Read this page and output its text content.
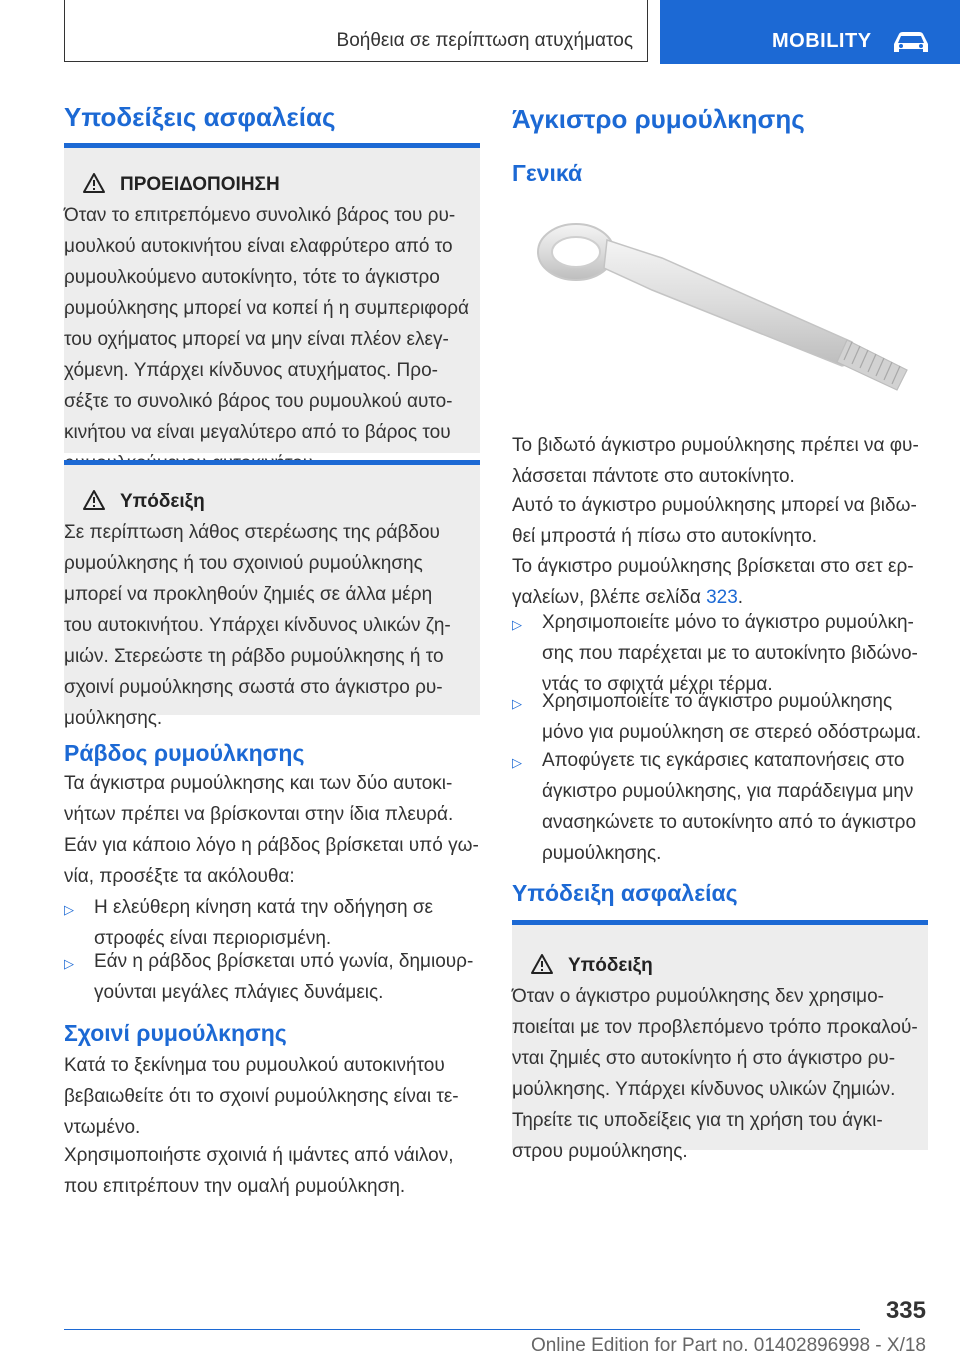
Βοήθεια σε περίπτωση ατυχήματος	MOBILITY
Υποδείξεις ασφαλείας
ΠΡΟΕΙΔΟΠΟΙΗΣΗ
Όταν το επιτρεπόμενο συνολικό βάρος του ρυ-
μουλκού αυτοκινήτου είναι ελαφρύτερο από το
ρυμουλκούμενο αυτοκίνητο, τότε το άγκιστρο
ρυμούλκησης μπορεί να κοπεί ή η συμπεριφορά
του οχήματος μπορεί να μην είναι πλέον ελεγ-
χόμενη. Υπάρχει κίνδυνος ατυχήματος. Προ-
σέξτε το συνολικό βάρος του ρυμουλκού αυτο-
κινήτου να είναι μεγαλύτερο από το βάρος του
Υπόδειξη
Σε περίπτωση λάθος στερέωσης της ράβδου
ρυμούλκησης ή του σχοινιού ρυμούλκησης
μπορεί να προκληθούν ζημιές σε άλλα μέρη
του αυτοκινήτου. Υπάρχει κίνδυνος υλικών ζη-
μιών. Στερεώστε τη ράβδο ρυμούλκησης ή το
σχοινί ρυμούλκησης σωστά στο άγκιστρο ρυ-
μούλκησης.
Ράβδος ρυμούλκησης
Τα άγκιστρα ρυμούλκησης και των δύο αυτοκι-
νήτων πρέπει να βρίσκονται στην ίδια πλευρά.
Εάν για κάποιο λόγο η ράβδος βρίσκεται υπό γω-
νία, προσέξτε τα ακόλουθα:
▷ Η ελεύθερη κίνηση κατά την οδήγηση σε
στροφές είναι περιορισμένη.
▷ Εάν η ράβδος βρίσκεται υπό γωνία, δημιουρ-
γούνται μεγάλες πλάγιες δυνάμεις.
Σχοινί ρυμούλκησης
Κατά το ξεκίνημα του ρυμουλκού αυτοκινήτου
βεβαιωθείτε ότι το σχοινί ρυμούλκησης είναι τε-
ντωμένο.
Χρησιμοποιήστε σχοινιά ή ιμάντες από νάιλον,
που επιτρέπουν την ομαλή ρυμούλκηση.
Άγκιστρο ρυμούλκησης
Γενικά
Το βιδωτό άγκιστρο ρυμούλκησης πρέπει να φυ-
λάσσεται πάντοτε στο αυτοκίνητο.
Αυτό το άγκιστρο ρυμούλκησης μπορεί να βιδω-
θεί μπροστά ή πίσω στο αυτοκίνητο.
Το άγκιστρο ρυμούλκησης βρίσκεται στο σετ ερ-
γαλείων, βλέπε σελίδα 323.
▷ Χρησιμοποιείτε μόνο το άγκιστρο ρυμούλκη-
σης που παρέχεται με το αυτοκίνητο βιδώνο-
ντάς το σφιχτά μέχρι τέρμα.
▷ Χρησιμοποιείτε το άγκιστρο ρυμούλκησης
μόνο για ρυμούλκηση σε στερεό οδόστρωμα.
▷ Αποφύγετε τις εγκάρσιες καταπονήσεις στο
άγκιστρο ρυμούλκησης, για παράδειγμα μην
ανασηκώνετε το αυτοκίνητο από το άγκιστρο
ρυμούλκησης.
Υπόδειξη ασφαλείας
Υπόδειξη
Όταν ο άγκιστρο ρυμούλκησης δεν χρησιμο-
ποιείται με τον προβλεπόμενο τρόπο προκαλού-
νται ζημιές στο αυτοκίνητο ή στο άγκιστρο ρυ-
μούλκησης. Υπάρχει κίνδυνος υλικών ζημιών.
Τηρείτε τις υποδείξεις για τη χρήση του άγκι-
στρου ρυμούλκησης.
335
Online Edition for Part no. 01402896998 - X/18
